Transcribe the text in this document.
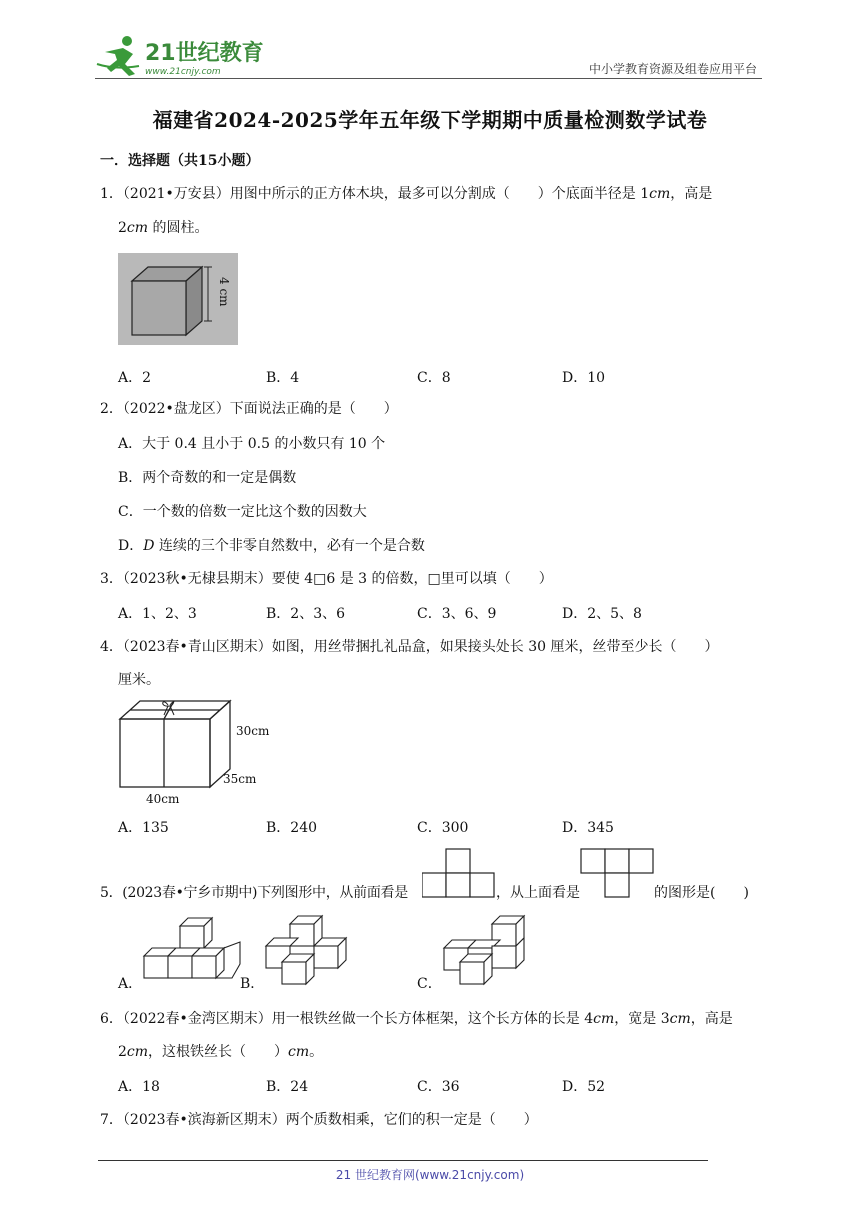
21世纪教育
www.21cnjy.com	中小学教育资源及组卷应用平台
福建省2024-2025学年五年级下学期期中质量检测数学试卷
一．选择题（共15小题）
1．（2021•万安县）用图中所示的正方体木块，最多可以分割成（　　）个底面半径是 1cm，高是
2cm 的圆柱。
4 cm
A．2	B．4	C．8	D．10
2．（2022•盘龙区）下面说法正确的是（　　）
A．大于 0.4 且小于 0.5 的小数只有 10 个
B．两个奇数的和一定是偶数
C．一个数的倍数一定比这个数的因数大
D．D 连续的三个非零自然数中，必有一个是合数
3．（2023秋•无棣县期末）要使 4□6 是 3 的倍数，□里可以填（　　）
A．1、2、3	B．2、3、6	C．3、6、9	D．2、5、8
4．（2023春•青山区期末）如图，用丝带捆扎礼品盒，如果接头处长 30 厘米，丝带至少长（　　）
厘米。
30cm
35cm
40cm
A．135	B．240	C．300	D．345
5．(2023春•宁乡市期中)下列图形中，从前面看是	，从上面看是	的图形是(　　)
A．	B．	C．
6．（2022春•金湾区期末）用一根铁丝做一个长方体框架，这个长方体的长是 4cm，宽是 3cm，高是
2cm，这根铁丝长（　　）cm。
A．18	B．24	C．36	D．52
7．（2023春•滨海新区期末）两个质数相乘，它们的积一定是（　　）
21 世纪教育网(www.21cnjy.com)
